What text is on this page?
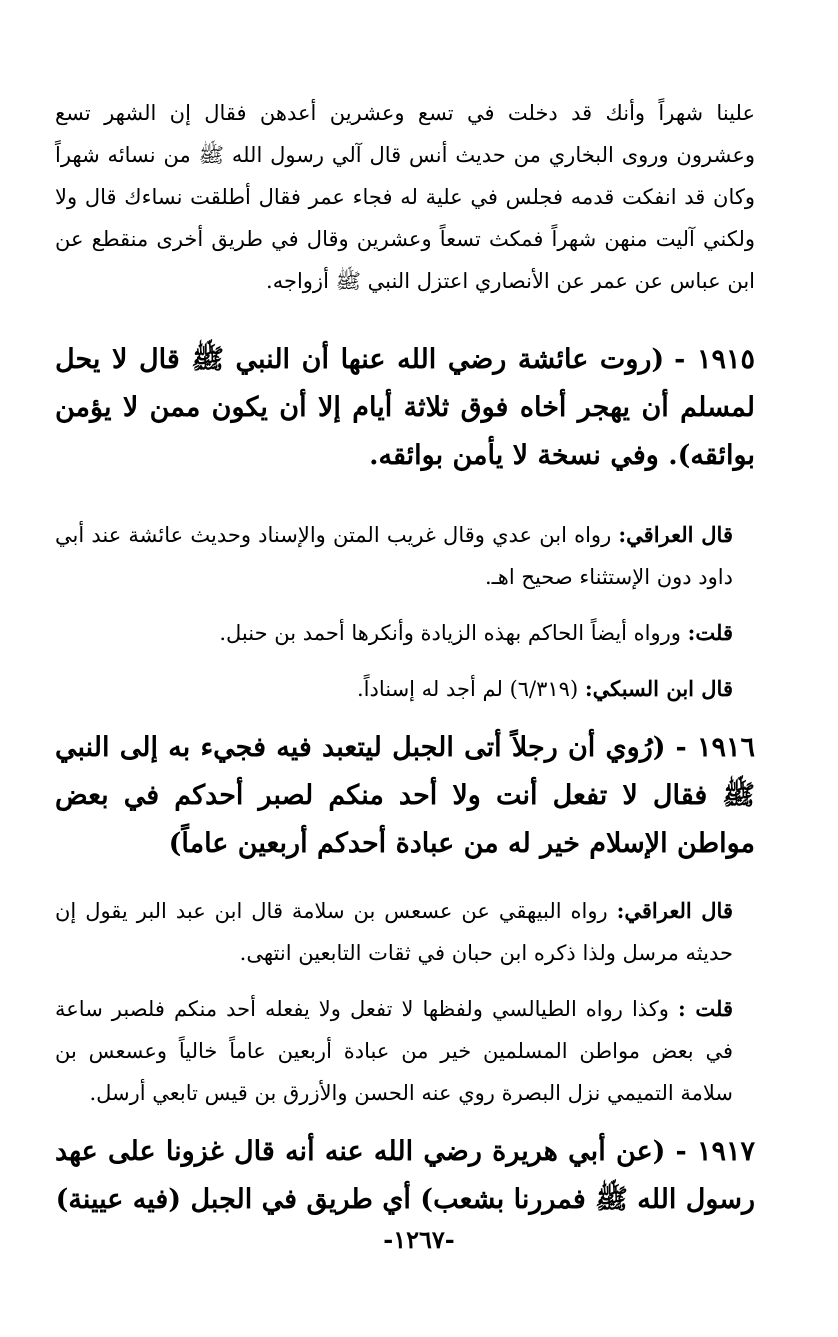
علينا شهراً وأنك قد دخلت في تسع وعشرين أعدهن فقال إن الشهر تسع وعشرون وروى البخاري من حديث أنس قال آلي رسول الله ﷺ من نسائه شهراً وكان قد انفكت قدمه فجلس في علية له فجاء عمر فقال أطلقت نساءك قال ولا ولكني آليت منهن شهراً فمكث تسعاً وعشرين وقال في طريق أخرى منقطع عن ابن عباس عن عمر عن الأنصاري اعتزل النبي ﷺ أزواجه.

١٩١٥ -(روت عائشة رضي الله عنها أن النبي ﷺ قال لا يحل لمسلم أن يهجر أخاه فوق ثلاثة أيام إلا أن يكون ممن لا يؤمن بوائقه). وفي نسخة لا يأمن بوائقه.

قال العراقي: رواه ابن عدي وقال غريب المتن والإسناد وحديث عائشة عند أبي داود دون الإستثناء صحيح اهـ.

قلت: ورواه أيضاً الحاكم بهذه الزيادة وأنكرها أحمد بن حنبل.

قال ابن السبكي: (٦/٣١٩) لم أجد له إسناداً.

١٩١٦ -(رُوي أن رجلاً أتى الجبل ليتعبد فيه فجيء به إلى النبي ﷺ فقال لا تفعل أنت ولا أحد منكم لصبر أحدكم في بعض مواطن الإسلام خير له من عبادة أحدكم أربعين عاماً)

قال العراقي: رواه البيهقي عن عسعس بن سلامة قال ابن عبد البر يقول إن حديثه مرسل ولذا ذكره ابن حبان في ثقات التابعين انتهى.

قلت : وكذا رواه الطيالسي ولفظها لا تفعل ولا يفعله أحد منكم فلصبر ساعة في بعض مواطن المسلمين خير من عبادة أربعين عاماً خالياً وعسعس بن سلامة التميمي نزل البصرة روي عنه الحسن والأزرق بن قيس تابعي أرسل.

١٩١٧ -(عن أبي هريرة رضي الله عنه أنه قال غزونا على عهد رسول الله ﷺ فمررنا بشعب) أي طريق في الجبل (فيه عيينة)

-١٢٦٧-
